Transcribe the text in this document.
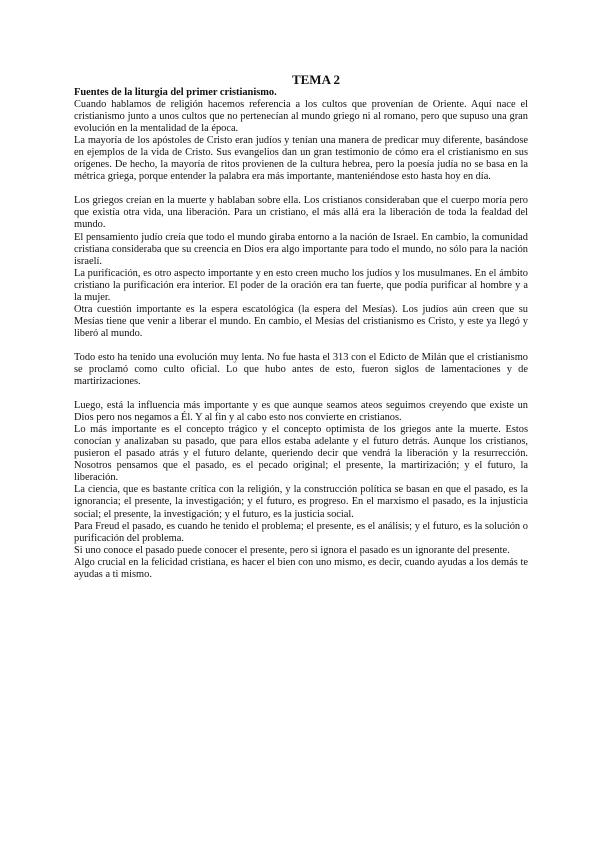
TEMA 2
Fuentes de la liturgia del primer cristianismo.

Cuando hablamos de religión hacemos referencia a los cultos que provenían de Oriente. Aquí nace el cristianismo junto a unos cultos que no pertenecían al mundo griego ni al romano, pero que supuso una gran evolución en la mentalidad de la época.

La mayoría de los apóstoles de Cristo eran judíos y tenían una manera de predicar muy diferente, basándose en ejemplos de la vida de Cristo. Sus evangelios dan un gran testimonio de cómo era el cristianismo en sus orígenes. De hecho, la mayoría de ritos provienen de la cultura hebrea, pero la poesía judía no se basa en la métrica griega, porque entender la palabra era más importante, manteniéndose esto hasta hoy en día.

Los griegos creían en la muerte y hablaban sobre ella. Los cristianos consideraban que el cuerpo moría pero que existía otra vida, una liberación. Para un cristiano, el más allá era la liberación de toda la fealdad del mundo.

El pensamiento judío creía que todo el mundo giraba entorno a la nación de Israel. En cambio, la comunidad cristiana consideraba que su creencia en Dios era algo importante para todo el mundo, no sólo para la nación israelí.

La purificación, es otro aspecto importante y en esto creen mucho los judíos y los musulmanes. En el ámbito cristiano la purificación era interior. El poder de la oración era tan fuerte, que podía purificar al hombre y a la mujer.

Otra cuestión importante es la espera escatológica (la espera del Mesías). Los judíos aún creen que su Mesías tiene que venir a liberar el mundo. En cambio, el Mesías del cristianismo es Cristo, y este ya llegó y liberó al mundo.

Todo esto ha tenido una evolución muy lenta. No fue hasta el 313 con el Edicto de Milán que el cristianismo se proclamó como culto oficial. Lo que hubo antes de esto, fueron siglos de lamentaciones y de martirizaciones.

Luego, está la influencia más importante y es que aunque seamos ateos seguimos creyendo que existe un Dios pero nos negamos a Él. Y al fin y al cabo esto nos convierte en cristianos.

Lo más importante es el concepto trágico y el concepto optimista de los griegos ante la muerte. Estos conocían y analizaban su pasado, que para ellos estaba adelante y el futuro detrás. Aunque los cristianos, pusieron el pasado atrás y el futuro delante, queriendo decir que vendrá la liberación y la resurrección. Nosotros pensamos que el pasado, es el pecado original; el presente, la martirización; y el futuro, la liberación.

La ciencia, que es bastante crítica con la religión, y la construcción política se basan en que el pasado, es la ignorancia; el presente, la investigación; y el futuro, es progreso. En el marxismo el pasado, es la injusticia social; el presente, la investigación; y el futuro, es la justicia social.

Para Freud el pasado, es cuando he tenido el problema; el presente, es el análisis; y el futuro, es la solución o purificación del problema.

Si uno conoce el pasado puede conocer el presente, pero si ignora el pasado es un ignorante del presente.

Algo crucial en la felicidad cristiana, es hacer el bien con uno mismo, es decir, cuando ayudas a los demás te ayudas a ti mismo.
